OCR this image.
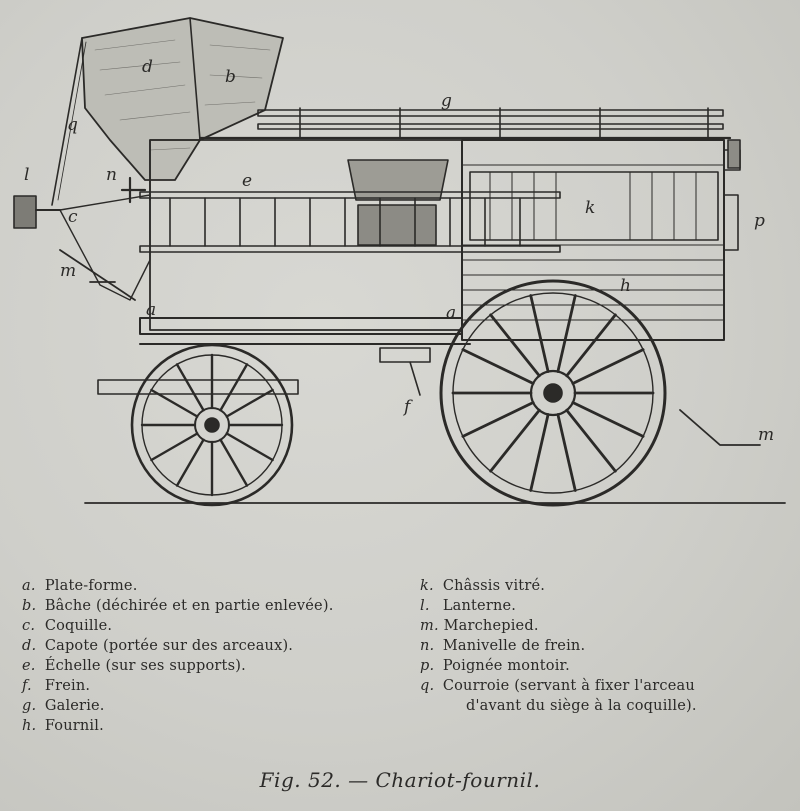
d	b
q
g
l	n	e
c	k
p
m
h
a	a
f
m
a. Plate-forme.
b. Bâche (déchirée et en partie enlevée).
c. Coquille.
d. Capote (portée sur des arceaux).
e. Échelle (sur ses supports).
f. Frein.
g. Galerie.
h. Fournil.
k. Châssis vitré.
l. Lanterne.
m. Marchepied.
n. Manivelle de frein.
p. Poignée montoir.
q. Courroie (servant à fixer l'arceau
d'avant du siège à la coquille).
Fig. 52. — Chariot-fournil.
